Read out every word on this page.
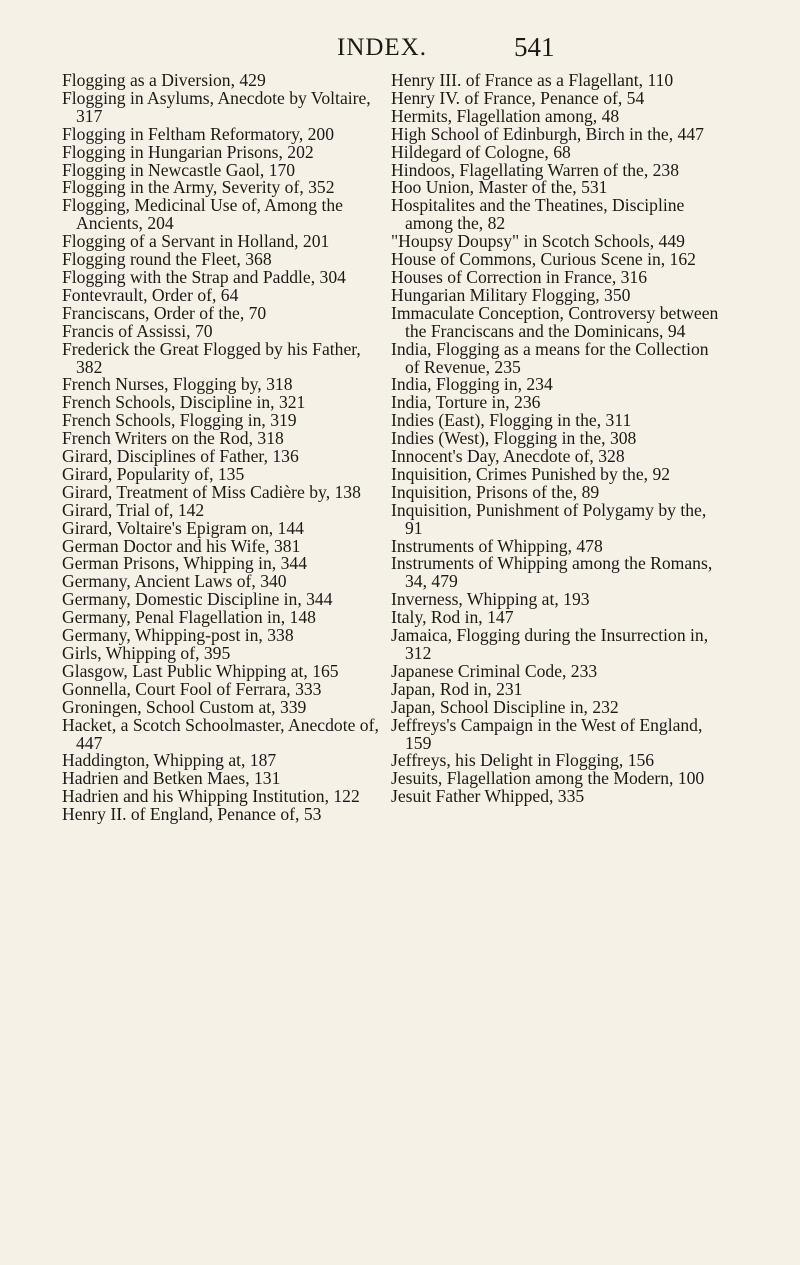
INDEX.	541

Flogging as a Diversion, 429

Flogging in Asylums, Anecdote by Voltaire, 317

Flogging in Feltham Reformatory, 200

Flogging in Hungarian Prisons, 202

Flogging in Newcastle Gaol, 170

Flogging in the Army, Severity of, 352

Flogging, Medicinal Use of, Among the Ancients, 204

Flogging of a Servant in Holland, 201

Flogging round the Fleet, 368

Flogging with the Strap and Paddle, 304

Fontevrault, Order of, 64

Franciscans, Order of the, 70

Francis of Assissi, 70

Frederick the Great Flogged by his Father, 382

French Nurses, Flogging by, 318

French Schools, Discipline in, 321

French Schools, Flogging in, 319

French Writers on the Rod, 318

Girard, Disciplines of Father, 136

Girard, Popularity of, 135

Girard, Treatment of Miss Cadière by, 138

Girard, Trial of, 142

Girard, Voltaire's Epigram on, 144

German Doctor and his Wife, 381

German Prisons, Whipping in, 344

Germany, Ancient Laws of, 340

Germany, Domestic Discipline in, 344

Germany, Penal Flagellation in, 148

Germany, Whipping-post in, 338

Girls, Whipping of, 395

Glasgow, Last Public Whipping at, 165

Gonnella, Court Fool of Ferrara, 333

Groningen, School Custom at, 339

Hacket, a Scotch Schoolmaster, Anecdote of, 447

Haddington, Whipping at, 187

Hadrien and Betken Maes, 131

Hadrien and his Whipping Institution, 122

Henry II. of England, Penance of, 53

Henry III. of France as a Flagellant, 110

Henry IV. of France, Penance of, 54

Hermits, Flagellation among, 48

High School of Edinburgh, Birch in the, 447

Hildegard of Cologne, 68

Hindoos, Flagellating Warren of the, 238

Hoo Union, Master of the, 531

Hospitalites and the Theatines, Discipline among the, 82

"Houpsy Doupsy" in Scotch Schools, 449

House of Commons, Curious Scene in, 162

Houses of Correction in France, 316

Hungarian Military Flogging, 350

Immaculate Conception, Controversy between the Franciscans and the Dominicans, 94

India, Flogging as a means for the Collection of Revenue, 235

India, Flogging in, 234

India, Torture in, 236

Indies (East), Flogging in the, 311

Indies (West), Flogging in the, 308

Innocent's Day, Anecdote of, 328

Inquisition, Crimes Punished by the, 92

Inquisition, Prisons of the, 89

Inquisition, Punishment of Polygamy by the, 91

Instruments of Whipping, 478

Instruments of Whipping among the Romans, 34, 479

Inverness, Whipping at, 193

Italy, Rod in, 147

Jamaica, Flogging during the Insurrection in, 312

Japanese Criminal Code, 233

Japan, Rod in, 231

Japan, School Discipline in, 232

Jeffreys's Campaign in the West of England, 159

Jeffreys, his Delight in Flogging, 156

Jesuits, Flagellation among the Modern, 100

Jesuit Father Whipped, 335
